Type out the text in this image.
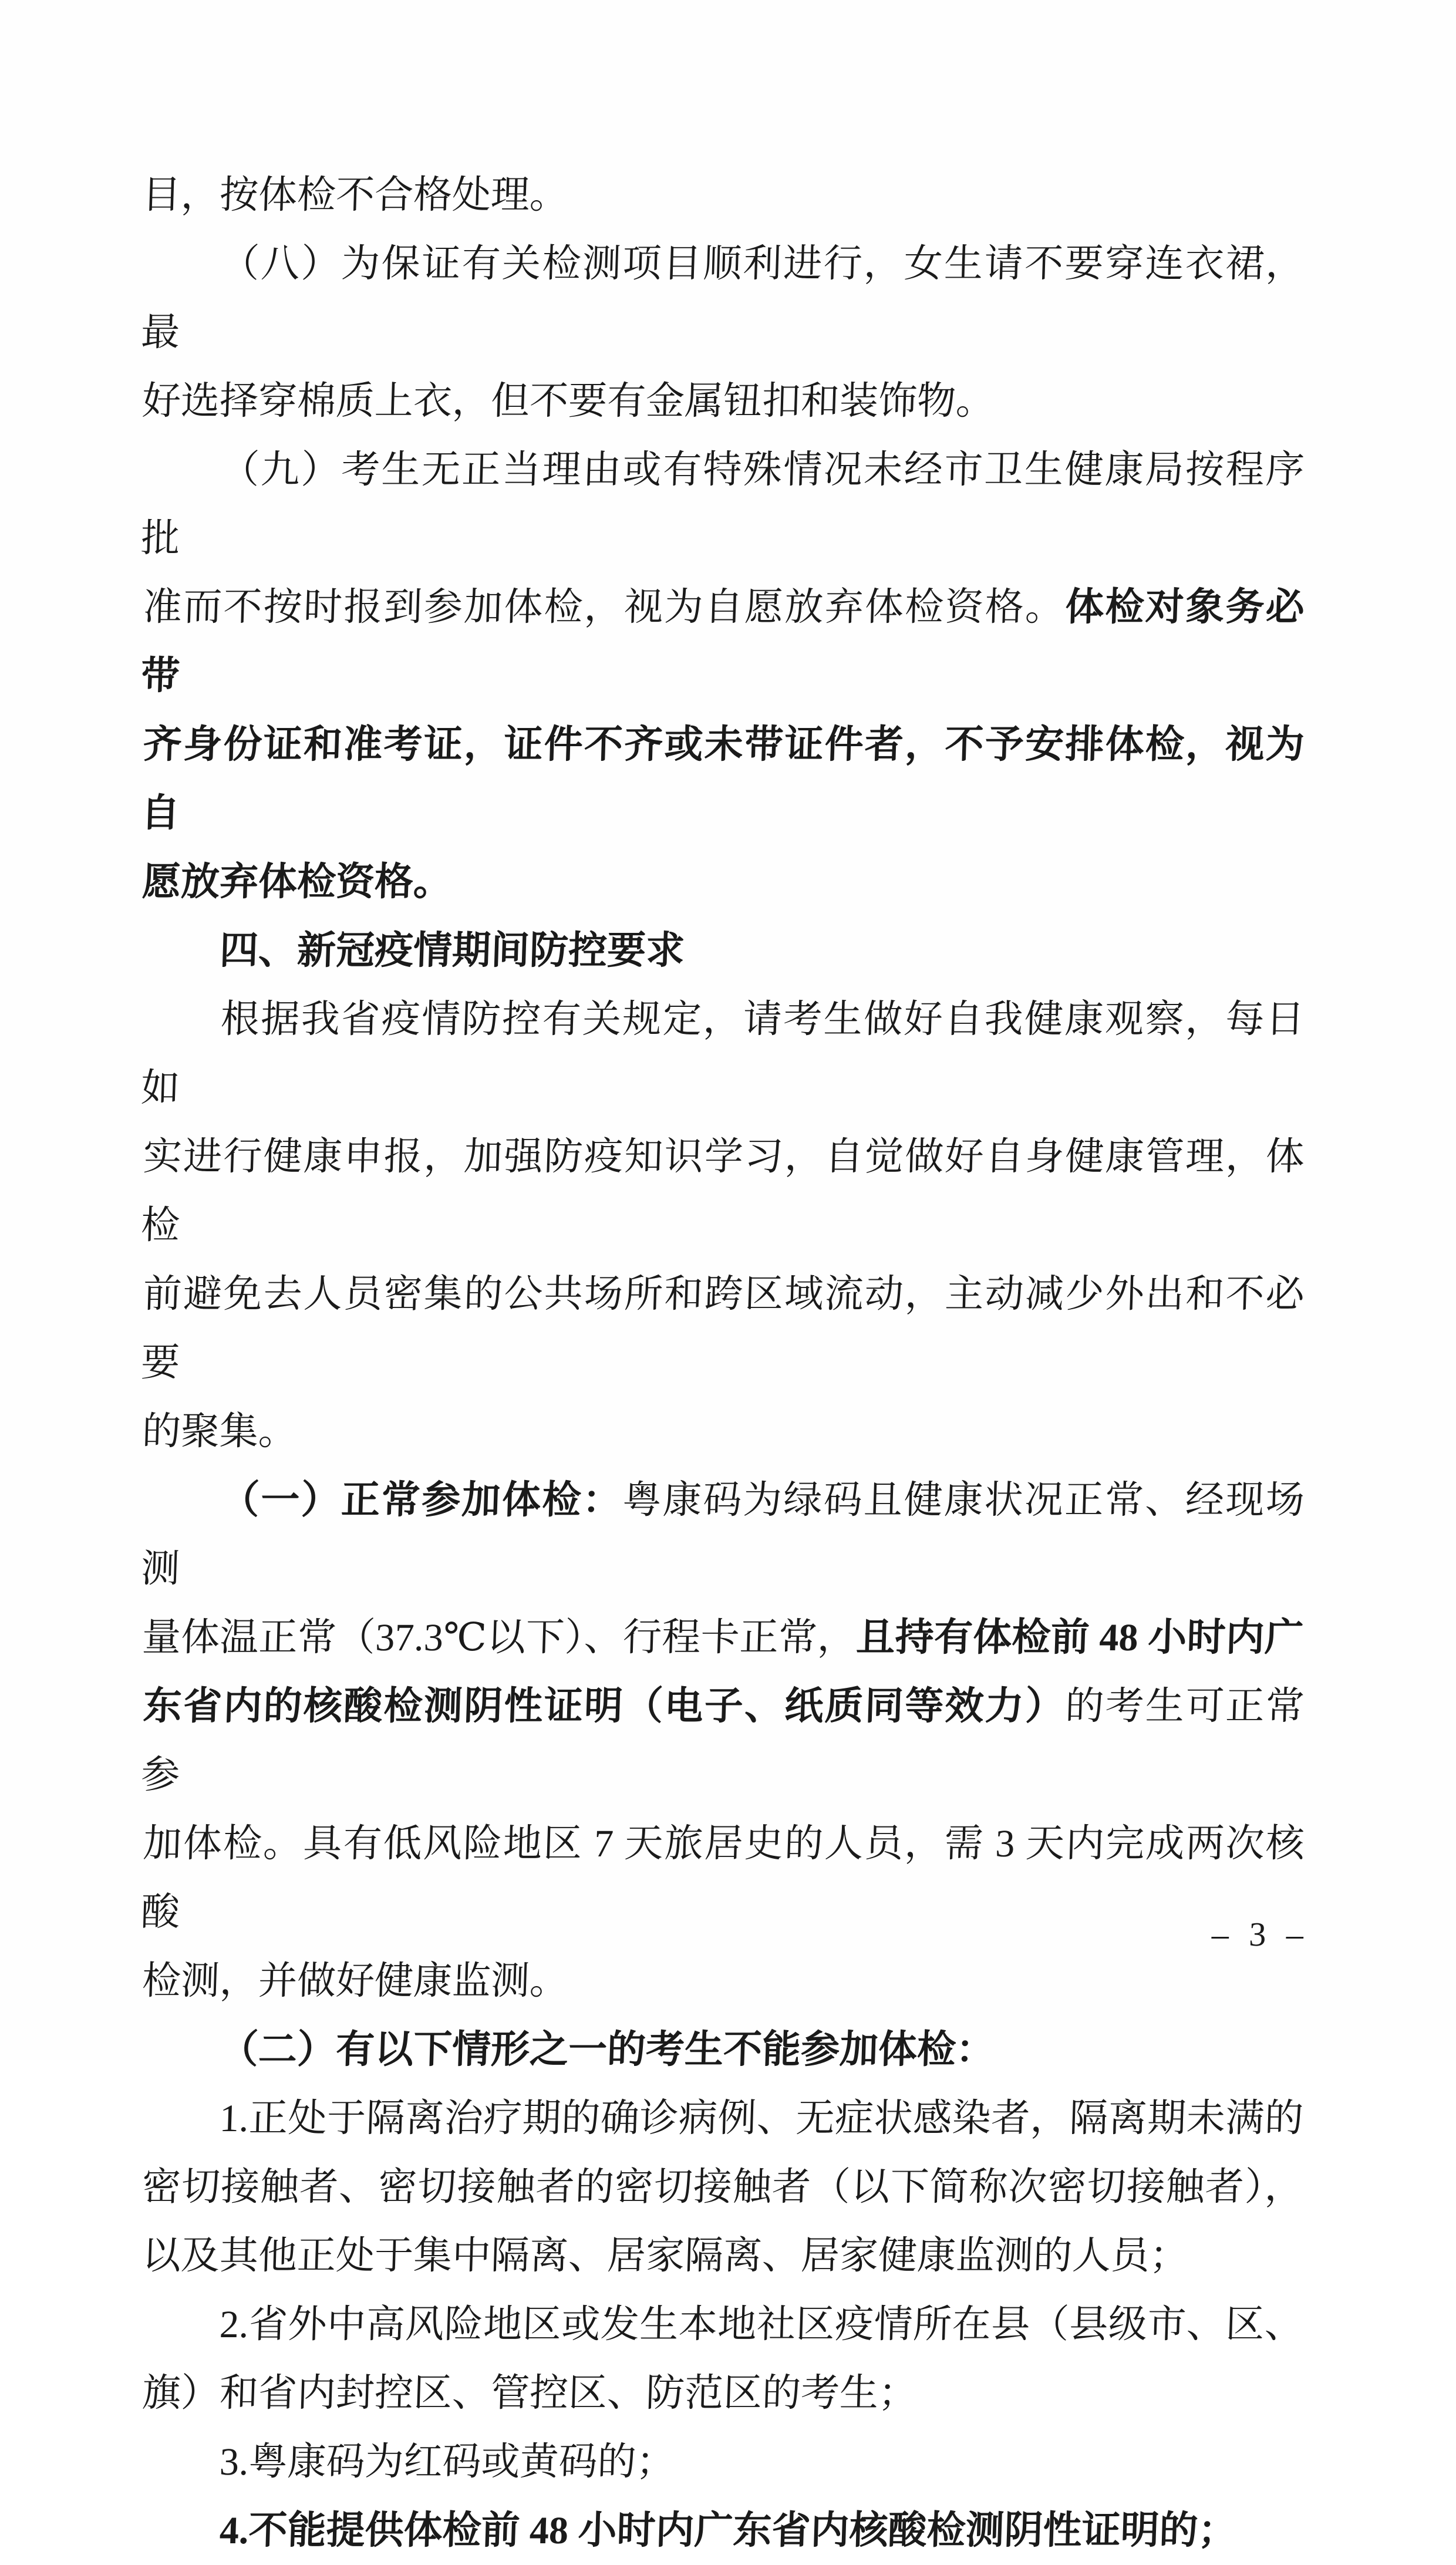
目，按体检不合格处理。
（八）为保证有关检测项目顺利进行，女生请不要穿连衣裙，最
好选择穿棉质上衣，但不要有金属钮扣和装饰物。
（九）考生无正当理由或有特殊情况未经市卫生健康局按程序批
准而不按时报到参加体检，视为自愿放弃体检资格。体检对象务必带
齐身份证和准考证，证件不齐或未带证件者，不予安排体检，视为自
愿放弃体检资格。
四、新冠疫情期间防控要求
根据我省疫情防控有关规定，请考生做好自我健康观察，每日如
实进行健康申报，加强防疫知识学习，自觉做好自身健康管理，体检
前避免去人员密集的公共场所和跨区域流动，主动减少外出和不必要
的聚集。
（一）正常参加体检：粤康码为绿码且健康状况正常、经现场测
量体温正常（37.3℃以下）、行程卡正常，且持有体检前 48 小时内广
东省内的核酸检测阴性证明（电子、纸质同等效力）的考生可正常参
加体检。具有低风险地区 7 天旅居史的人员，需 3 天内完成两次核酸
检测，并做好健康监测。
（二）有以下情形之一的考生不能参加体检：
1.正处于隔离治疗期的确诊病例、无症状感染者，隔离期未满的
密切接触者、密切接触者的密切接触者（以下简称次密切接触者），
以及其他正处于集中隔离、居家隔离、居家健康监测的人员；
2.省外中高风险地区或发生本地社区疫情所在县（县级市、区、
旗）和省内封控区、管控区、防范区的考生；
3.粤康码为红码或黄码的；
4.不能提供体检前 48 小时内广东省内核酸检测阴性证明的；
– 3 –
